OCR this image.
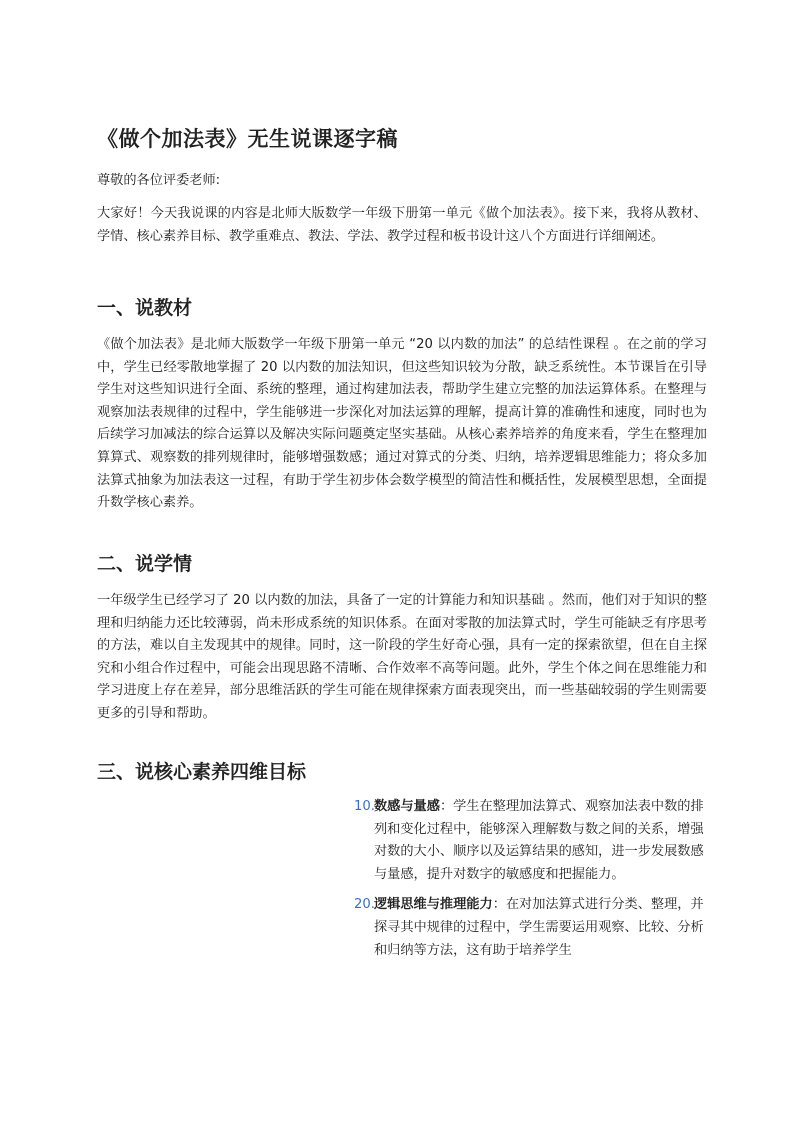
《做个加法表》无生说课逐字稿

尊敬的各位评委老师:

大家好！今天我说课的内容是北师大版数学一年级下册第一单元《做个加法表》。接下来，我将从教材、学情、核心素养目标、教学重难点、教法、学法、教学过程和板书设计这八个方面进行详细阐述。

一、说教材

《做个加法表》是北师大版数学一年级下册第一单元 “20 以内数的加法” 的总结性课程 。在之前的学习中，学生已经零散地掌握了 20 以内数的加法知识，但这些知识较为分散，缺乏系统性。本节课旨在引导学生对这些知识进行全面、系统的整理，通过构建加法表，帮助学生建立完整的加法运算体系。在整理与观察加法表规律的过程中，学生能够进一步深化对加法运算的理解，提高计算的准确性和速度，同时也为后续学习加减法的综合运算以及解决实际问题奠定坚实基础。从核心素养培养的角度来看，学生在整理加算算式、观察数的排列规律时，能够增强数感；通过对算式的分类、归纳，培养逻辑思维能力；将众多加法算式抽象为加法表这一过程，有助于学生初步体会数学模型的简洁性和概括性，发展模型思想，全面提升数学核心素养。

二、说学情

一年级学生已经学习了 20 以内数的加法，具备了一定的计算能力和知识基础 。然而，他们对于知识的整理和归纳能力还比较薄弱，尚未形成系统的知识体系。在面对零散的加法算式时，学生可能缺乏有序思考的方法，难以自主发现其中的规律。同时，这一阶段的学生好奇心强，具有一定的探索欲望，但在自主探究和小组合作过程中，可能会出现思路不清晰、合作效率不高等问题。此外，学生个体之间在思维能力和学习进度上存在差异，部分思维活跃的学生可能在规律探索方面表现突出，而一些基础较弱的学生则需要更多的引导和帮助。

三、说核心素养四维目标
10. 数感与量感：学生在整理加法算式、观察加法表中数的排列和变化过程中，能够深入理解数与数之间的关系，增强对数的大小、顺序以及运算结果的感知，进一步发展数感与量感，提升对数字的敏感度和把握能力。
20. 逻辑思维与推理能力：在对加法算式进行分类、整理，并探寻其中规律的过程中，学生需要运用观察、比较、分析和归纳等方法，这有助于培养学生
